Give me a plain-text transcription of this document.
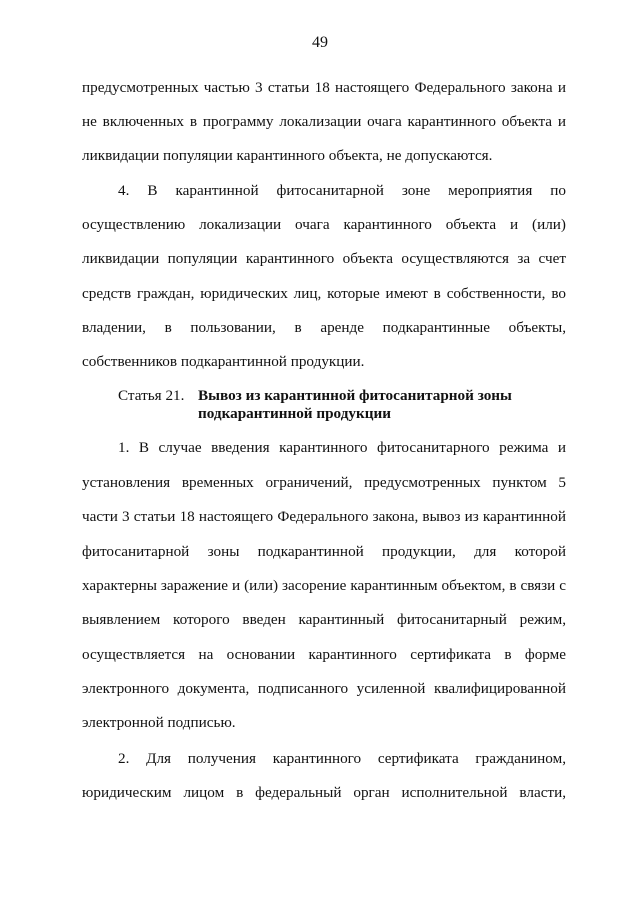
49
предусмотренных частью 3 статьи 18 настоящего Федерального закона и
не включенных в программу локализации очага карантинного объекта и
ликвидации популяции карантинного объекта, не допускаются.
4. В карантинной фитосанитарной зоне мероприятия по
осуществлению локализации очага карантинного объекта и (или)
ликвидации популяции карантинного объекта осуществляются за счет
средств граждан, юридических лиц, которые имеют в собственности, во
владении, в пользовании, в аренде подкарантинные объекты,
собственников подкарантинной продукции.
Статья 21. Вывоз из карантинной фитосанитарной зоны
подкарантинной продукции
1. В случае введения карантинного фитосанитарного режима и
установления временных ограничений, предусмотренных пунктом 5
части 3 статьи 18 настоящего Федерального закона, вывоз из карантинной
фитосанитарной зоны подкарантинной продукции, для которой
характерны заражение и (или) засорение карантинным объектом, в связи с
выявлением которого введен карантинный фитосанитарный режим,
осуществляется на основании карантинного сертификата в форме
электронного документа, подписанного усиленной квалифицированной
электронной подписью.
2. Для получения карантинного сертификата гражданином,
юридическим лицом в федеральный орган исполнительной власти,
